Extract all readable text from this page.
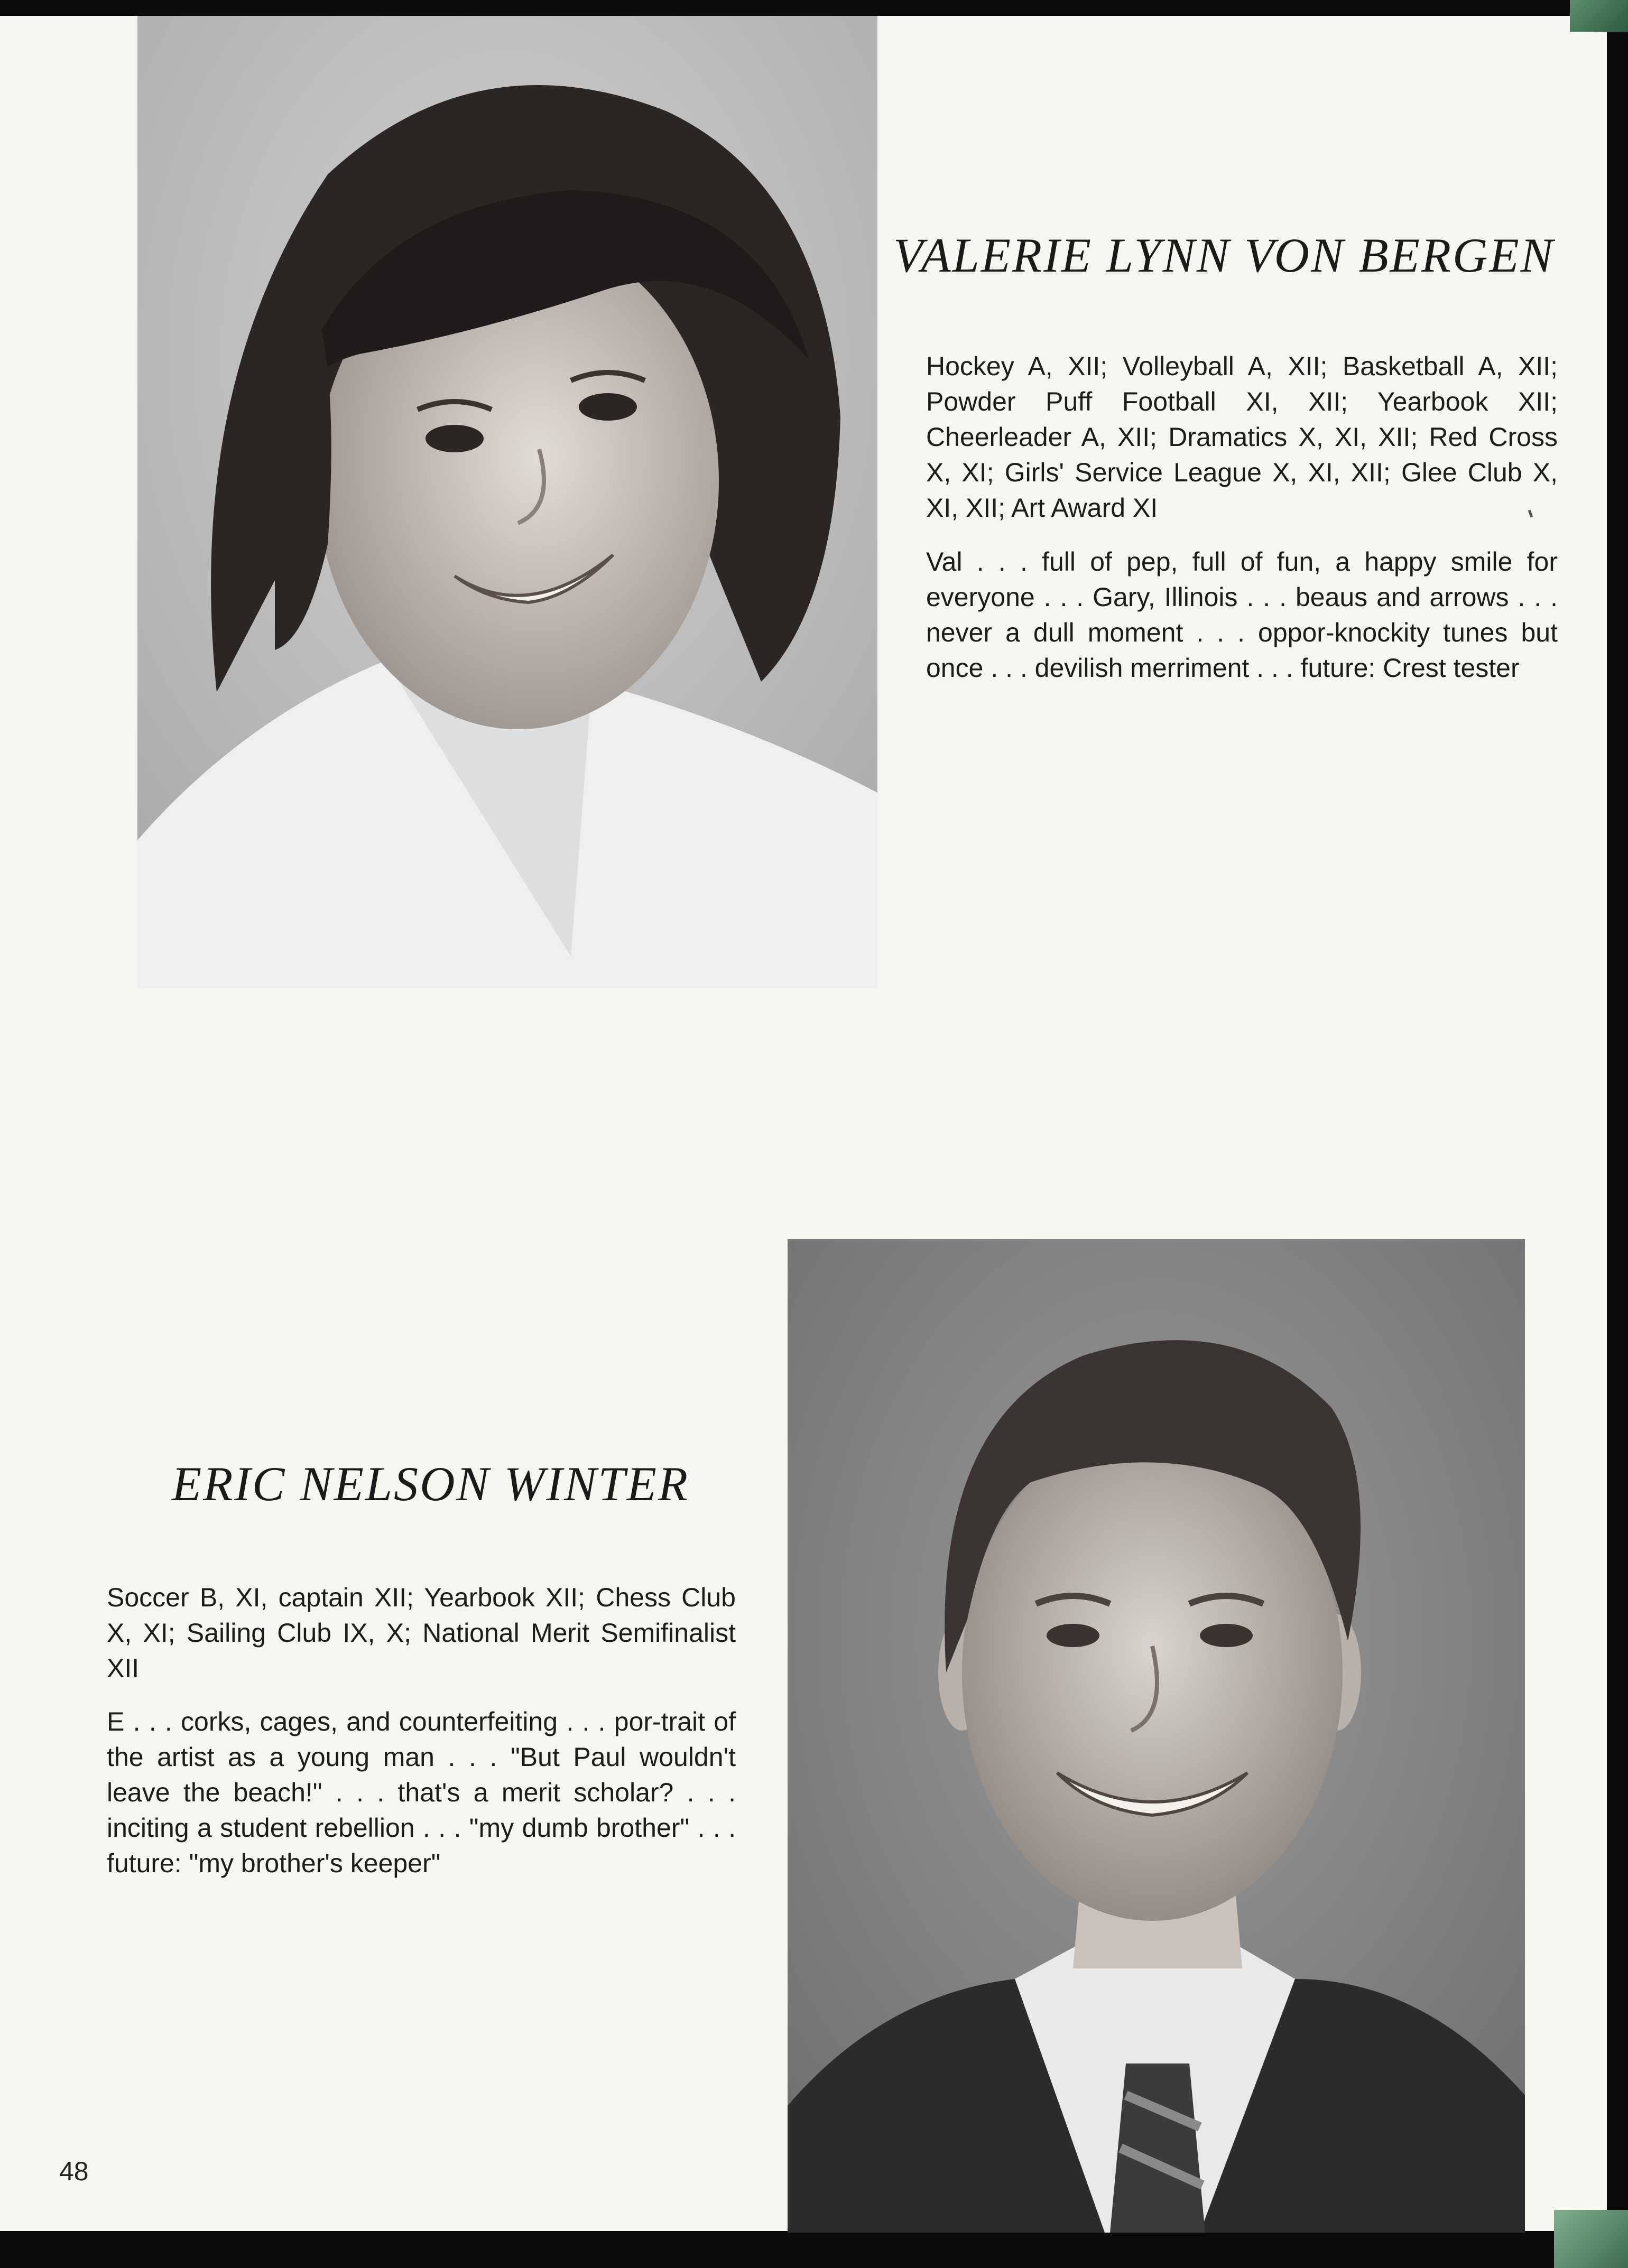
VALERIE LYNN VON BERGEN

Hockey A, XII; Volleyball A, XII; Basketball A, XII; Powder Puff Football XI, XII; Yearbook XII; Cheerleader A, XII; Dramatics X, XI, XII; Red Cross X, XI; Girls' Service League X, XI, XII; Glee Club X, XI, XII; Art Award XI

Val . . . full of pep, full of fun, a happy smile for everyone . . . Gary, Illinois . . . beaus and arrows . . . never a dull moment . . . oppor-knockity tunes but once . . . devilish merriment . . . future: Crest tester

ERIC NELSON WINTER

Soccer B, XI, captain XII; Yearbook XII; Chess Club X, XI; Sailing Club IX, X; National Merit Semifinalist XII

E . . . corks, cages, and counterfeiting . . . por-trait of the artist as a young man . . . "But Paul wouldn't leave the beach!" . . . that's a merit scholar? . . . inciting a student rebellion . . . "my dumb brother" . . . future: "my brother's keeper"

48
